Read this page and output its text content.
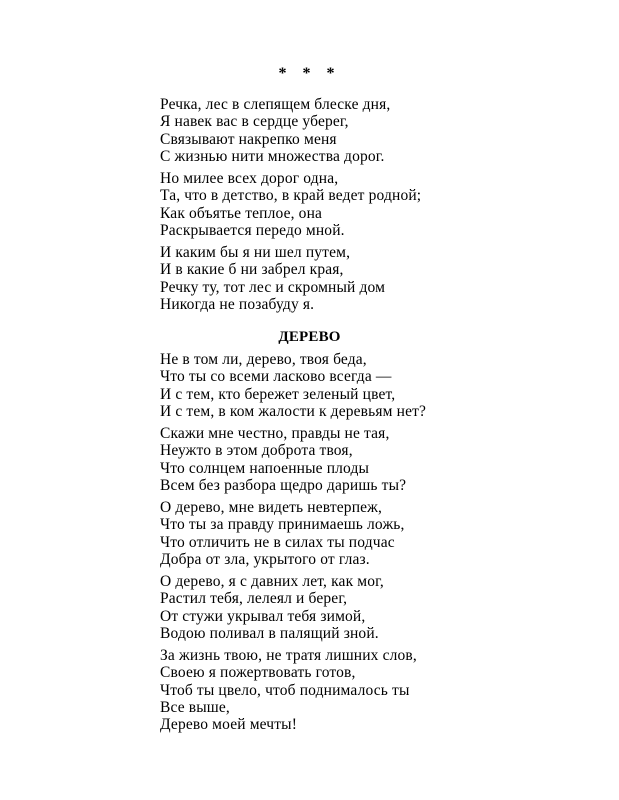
* * *
Речка, лес в слепящем блеске дня,
Я навек вас в сердце уберег,
Связывают накрепко меня
С жизнью нити множества дорог.
Но милее всех дорог одна,
Та, что в детство, в край ведет родной;
Как объятье теплое, она
Раскрывается передо мной.
И каким бы я ни шел путем,
И в какие б ни забрел края,
Речку ту, тот лес и скромный дом
Никогда не позабуду я.
ДЕРЕВО
Не в том ли, дерево, твоя беда,
Что ты со всеми ласково всегда —
И с тем, кто бережет зеленый цвет,
И с тем, в ком жалости к деревьям нет?
Скажи мне честно, правды не тая,
Неужто в этом доброта твоя,
Что солнцем напоенные плоды
Всем без разбора щедро даришь ты?
О дерево, мне видеть невтерпеж,
Что ты за правду принимаешь ложь,
Что отличить не в силах ты подчас
Добра от зла, укрытого от глаз.
О дерево, я с давних лет, как мог,
Растил тебя, лелеял и берег,
От стужи укрывал тебя зимой,
Водою поливал в палящий зной.
За жизнь твою, не тратя лишних слов,
Своею я пожертвовать готов,
Чтоб ты цвело, чтоб поднималось ты
Все выше,
Дерево моей мечты!
